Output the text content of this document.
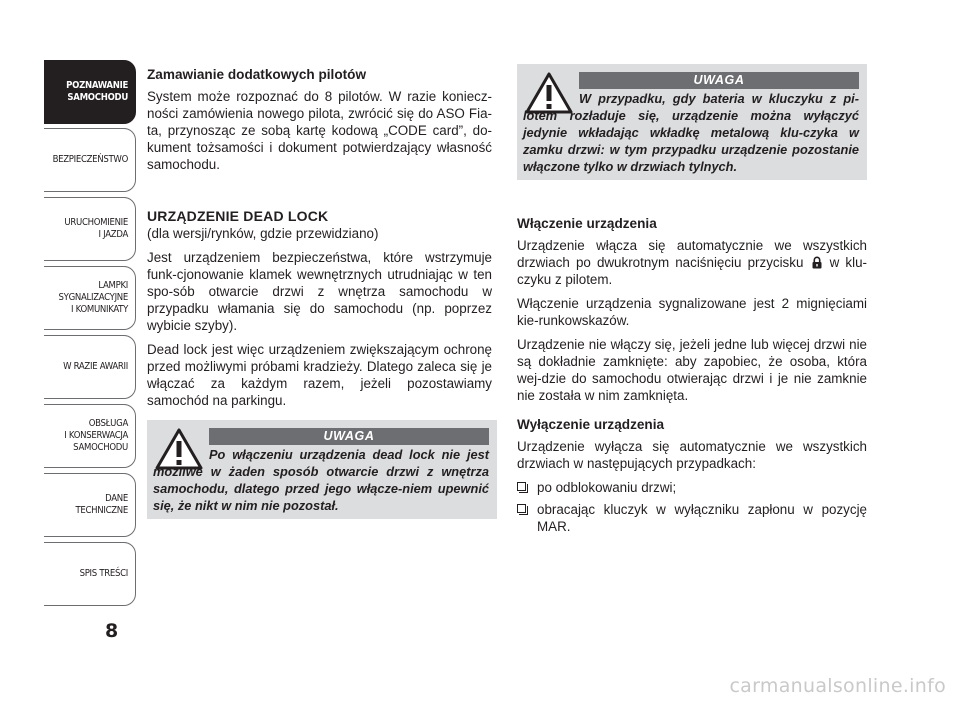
POZNAWANIE
SAMOCHODU
BEZPIECZEŃSTWO
URUCHOMIENIE
I JAZDA
LAMPKI
SYGNALIZACYJNE
I KOMUNIKATY
W RAZIE AWARII
OBSŁUGA
I KONSERWACJA
SAMOCHODU
DANE
TECHNICZNE
SPIS TREŚCI
8
Zamawianie dodatkowych pilotów

System może rozpoznać do 8 pilotów. W razie koniecz-ności zamówienia nowego pilota, zwrócić się do ASO Fia-ta, przynosząc ze sobą kartę kodową „CODE card”, do-kument tożsamości i dokument potwierdzający własność samochodu.

URZĄDZENIE DEAD LOCK
(dla wersji/rynków, gdzie przewidziano)

Jest urządzeniem bezpieczeństwa, które wstrzymuje funk-cjonowanie klamek wewnętrznych utrudniając w ten spo-sób otwarcie drzwi z wnętrza samochodu w przypadku włamania się do samochodu (np. poprzez wybicie szyby).

Dead lock jest więc urządzeniem zwiększającym ochronę przed możliwymi próbami kradzieży. Dlatego zaleca się je włączać za każdym razem, jeżeli pozostawiamy samochód na parkingu.

UWAGA
W przypadku, gdy bateria w kluczyku z pi-lotem rozładuje się, urządzenie można wyłączyć jedynie wkładając wkładkę metalową klu-czyka w zamku drzwi: w tym przypadku urządzenie pozostanie włączone tylko w drzwiach tylnych.
UWAGA
Po włączeniu urządzenia dead lock nie jest możliwe w żaden sposób otwarcie drzwi z wnętrza samochodu, dlatego przed jego włącze-niem upewnić się, że nikt w nim nie pozostał.
Włączenie urządzenia

Urządzenie włącza się automatycznie we wszystkich drzwiach po dwukrotnym naciśnięciu przycisku w klu-czyku z pilotem.

Włączenie urządzenia sygnalizowane jest 2 mignięciami kie-runkowskazów.

Urządzenie nie włączy się, jeżeli jedne lub więcej drzwi nie są dokładnie zamknięte: aby zapobiec, że osoba, która wej-dzie do samochodu otwierając drzwi i je nie zamknie nie została w nim zamknięta.

Wyłączenie urządzenia

Urządzenie wyłącza się automatycznie we wszystkich drzwiach w następujących przypadkach:

po odblokowaniu drzwi;
obracając kluczyk w wyłączniku zapłonu w pozycję MAR.
carmanualsonline.info
